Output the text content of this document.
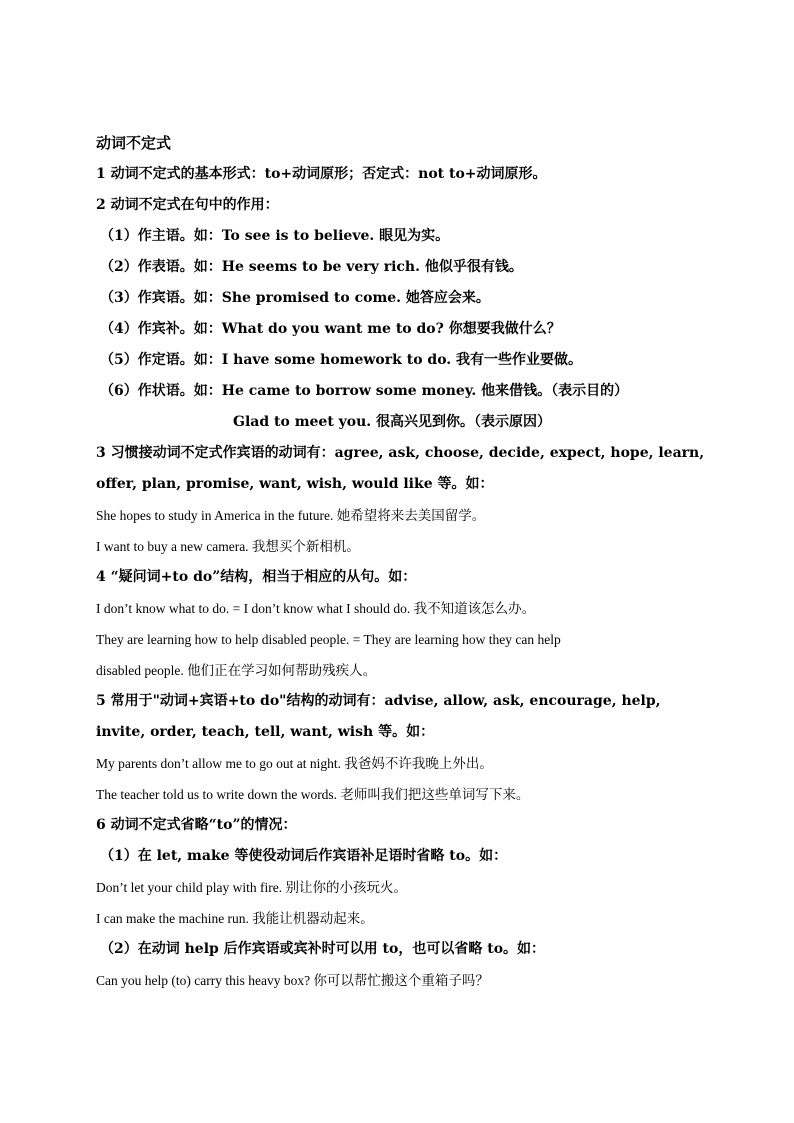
动词不定式
1 动词不定式的基本形式：to+动词原形；否定式：not to+动词原形。
2 动词不定式在句中的作用：
（1）作主语。如：To see is to believe. 眼见为实。
（2）作表语。如：He seems to be very rich. 他似乎很有钱。
（3）作宾语。如：She promised to come. 她答应会来。
（4）作宾补。如：What do you want me to do? 你想要我做什么？
（5）作定语。如：I have some homework to do. 我有一些作业要做。
（6）作状语。如：He came to borrow some money. 他来借钱。（表示目的）
Glad to meet you. 很高兴见到你。（表示原因）
3 习惯接动词不定式作宾语的动词有：agree, ask, choose, decide, expect, hope, learn,
offer, plan, promise, want, wish, would like 等。如：
She hopes to study in America in the future. 她希望将来去美国留学。
I want to buy a new camera. 我想买个新相机。
4 “疑问词+to do”结构，相当于相应的从句。如：
I don’t know what to do. = I don’t know what I should do. 我不知道该怎么办。
They are learning how to help disabled people. = They are learning how they can help
disabled people. 他们正在学习如何帮助残疾人。
5 常用于"动词+宾语+to do"结构的动词有：advise, allow, ask, encourage, help,
invite, order, teach, tell, want, wish 等。如：
My parents don’t allow me to go out at night. 我爸妈不许我晚上外出。
The teacher told us to write down the words. 老师叫我们把这些单词写下来。
6 动词不定式省略“to”的情况：
（1）在 let, make 等使役动词后作宾语补足语时省略 to。如：
Don’t let your child play with fire. 别让你的小孩玩火。
I can make the machine run. 我能让机器动起来。
（2）在动词 help 后作宾语或宾补时可以用 to，也可以省略 to。如：
Can you help (to) carry this heavy box? 你可以帮忙搬这个重箱子吗？
